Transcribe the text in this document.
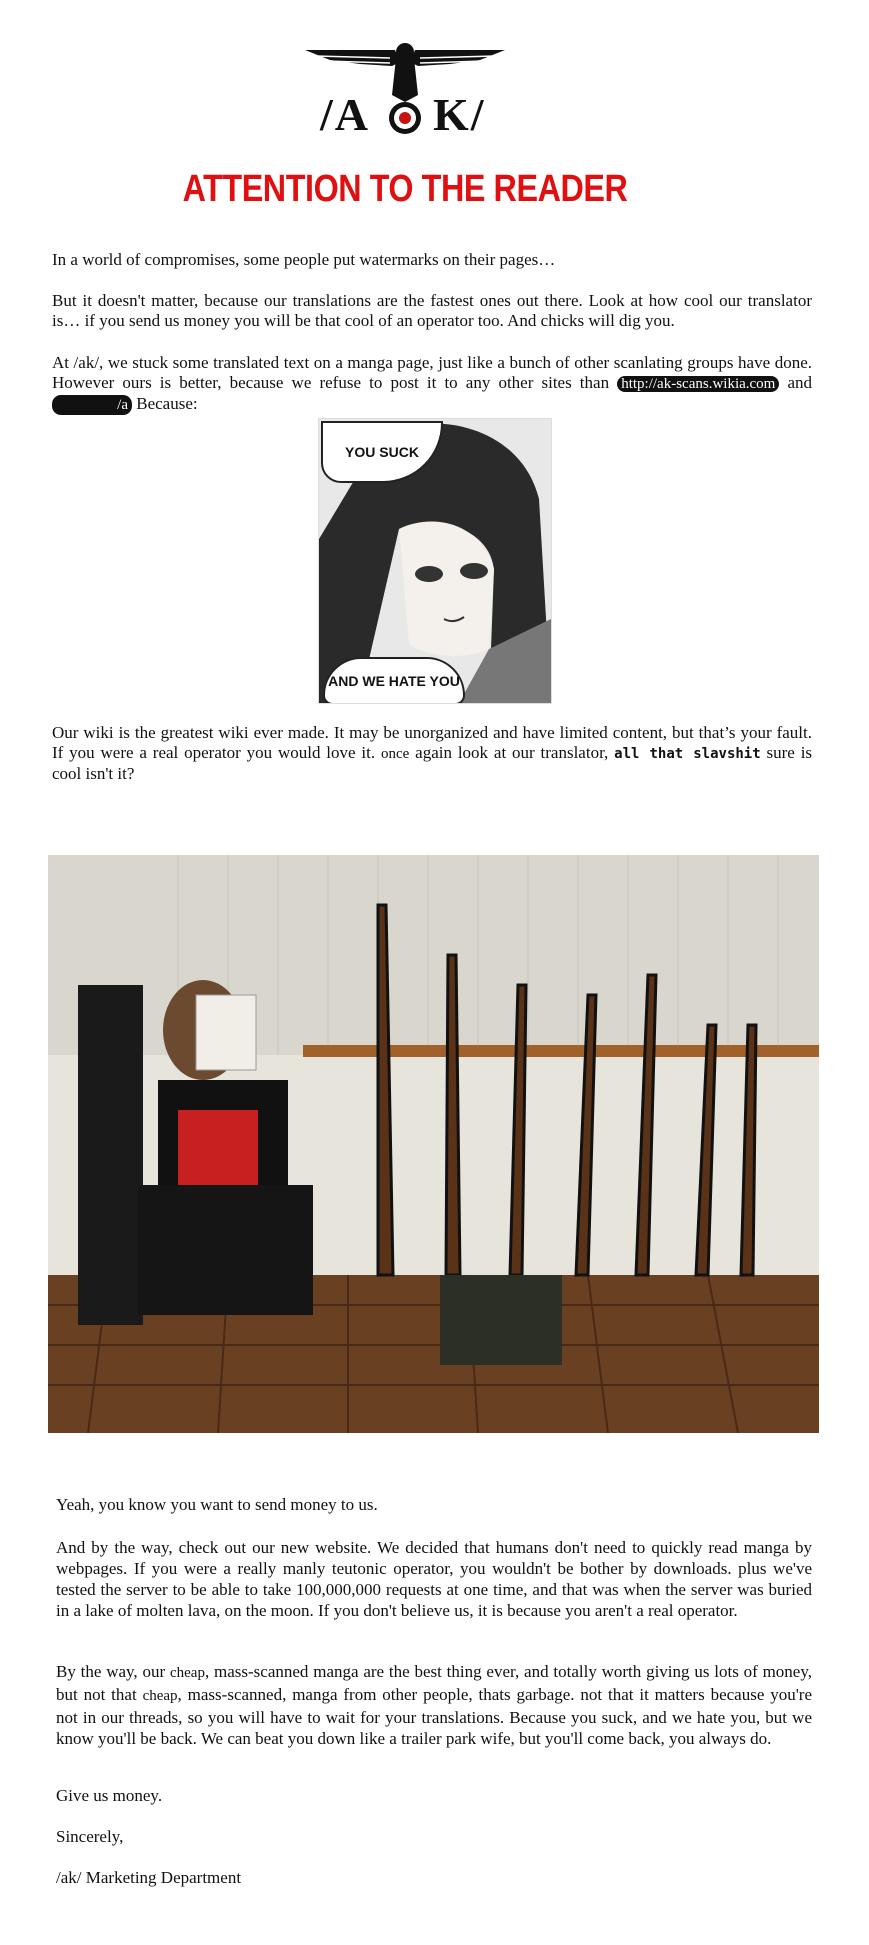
/A K/
ATTENTION TO THE READER
In a world of compromises, some people put watermarks on their pages…
But it doesn't matter, because our translations are the fastest ones out there. Look at how cool our translator is… if you send us money you will be that cool of an operator too. And chicks will dig you.
At /ak/, we stuck some translated text on a manga page, just like a bunch of other scanlating groups have done. However ours is better, because we refuse to post it to any other sites than http://ak-scans.wikia.com and /a Because:
YOU SUCK
AND WE HATE YOU
Our wiki is the greatest wiki ever made. It may be unorganized and have limited content, but that’s your fault. If you were a real operator you would love it. once again look at our translator, all that slavshit sure is cool isn't it?
Yeah, you know you want to send money to us.
And by the way, check out our new website. We decided that humans don't need to quickly read manga by webpages. If you were a really manly teutonic operator, you wouldn't be bother by downloads. plus we've tested the server to be able to take 100,000,000 requests at one time, and that was when the server was buried in a lake of molten lava, on the moon. If you don't believe us, it is because you aren't a real operator.
By the way, our cheap, mass-scanned manga are the best thing ever, and totally worth giving us lots of money, but not that cheap, mass-scanned, manga from other people, thats garbage. not that it matters because you're not in our threads, so you will have to wait for your translations. Because you suck, and we hate you, but we know you'll be back. We can beat you down like a trailer park wife, but you'll come back, you always do.
Give us money.
Sincerely,
/ak/ Marketing Department
